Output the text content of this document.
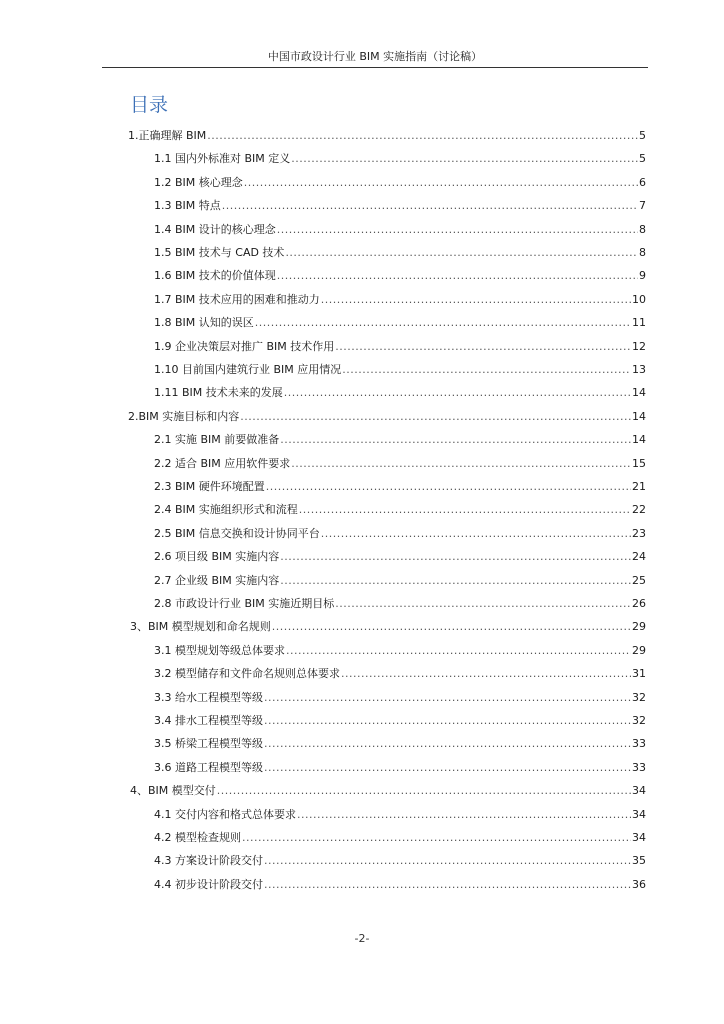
中国市政设计行业 BIM 实施指南（讨论稿）
目录
1. 正确理解 BIM .....	5
1.1 国内外标准对 BIM 定义 .....	5
1.2 BIM 核心理念 .....	6
1.3 BIM 特点 .....	7
1.4 BIM 设计的核心理念 .....	8
1.5 BIM 技术与 CAD 技术 .....	8
1.6 BIM 技术的价值体现 .....	9
1.7 BIM 技术应用的困难和推动力 .....	10
1.8 BIM 认知的误区 .....	11
1.9 企业决策层对推广 BIM 技术作用 .....	12
1.10 目前国内建筑行业 BIM 应用情况 .....	13
1.11 BIM 技术未来的发展 .....	14
2. BIM 实施目标和内容 .....	14
2.1 实施 BIM 前要做准备 .....	14
2.2 适合 BIM 应用软件要求 .....	15
2.3 BIM 硬件环境配置 .....	21
2.4 BIM 实施组织形式和流程 .....	22
2.5 BIM 信息交换和设计协同平台 .....	23
2.6 项目级 BIM 实施内容 .....	24
2.7 企业级 BIM 实施内容 .....	25
2.8 市政设计行业 BIM 实施近期目标 .....	26
3、BIM 模型规划和命名规则 .....	29
3.1 模型规划等级总体要求 .....	29
3.2 模型储存和文件命名规则总体要求 .....	31
3.3 给水工程模型等级 .....	32
3.4 排水工程模型等级 .....	32
3.5 桥梁工程模型等级 .....	33
3.6 道路工程模型等级 .....	33
4、BIM 模型交付 .....	34
4.1 交付内容和格式总体要求 .....	34
4.2 模型检查规则 .....	34
4.3 方案设计阶段交付 .....	35
4.4 初步设计阶段交付 .....	36
-2-
